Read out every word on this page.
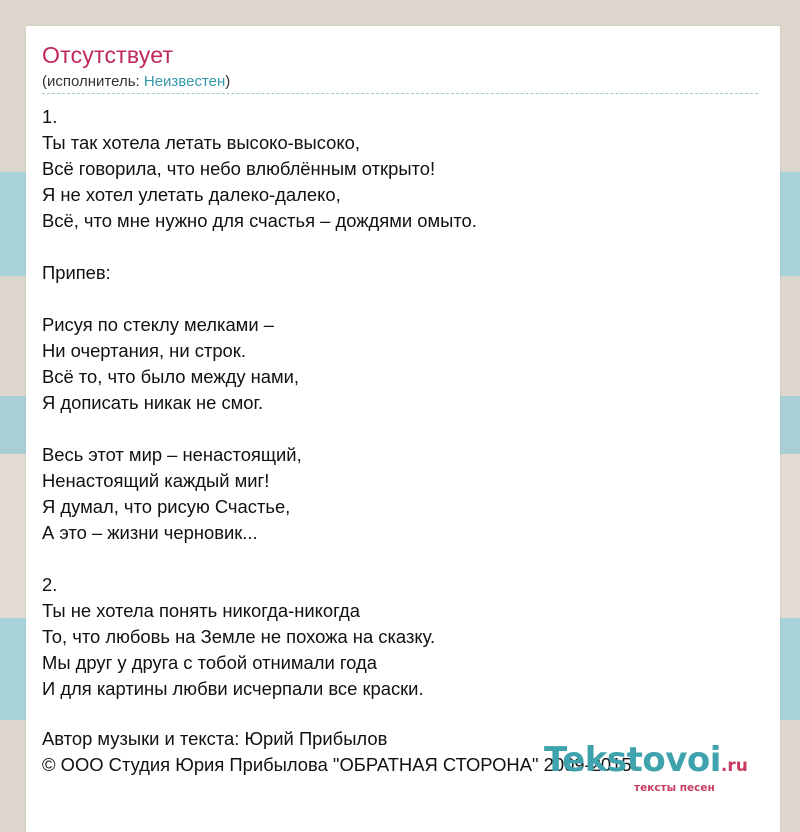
Отсутствует
(исполнитель: Неизвестен)
1.
Ты так хотела летать высоко-высоко,
Всё говорила, что небо влюблённым открыто!
Я не хотел улетать далеко-далеко,
Всё, что мне нужно для счастья – дождями омыто.
Припев:
Рисуя по стеклу мелками –
Ни очертания, ни строк.
Всё то, что было между нами,
Я дописать никак не смог.
Весь этот мир – ненастоящий,
Ненастоящий каждый миг!
Я думал, что рисую Счастье,
А это – жизни черновик...
2.
Ты не хотела понять никогда-никогда
То, что любовь на Земле не похожа на сказку.
Мы друг у друга с тобой отнимали года
И для картины любви исчерпали все краски.
Автор музыки и текста: Юрий Прибылов
© ООО Студия Юрия Прибылова "ОБРАТНАЯ СТОРОНА" 2009-2015
Tekstovoi.ru
тексты песен
